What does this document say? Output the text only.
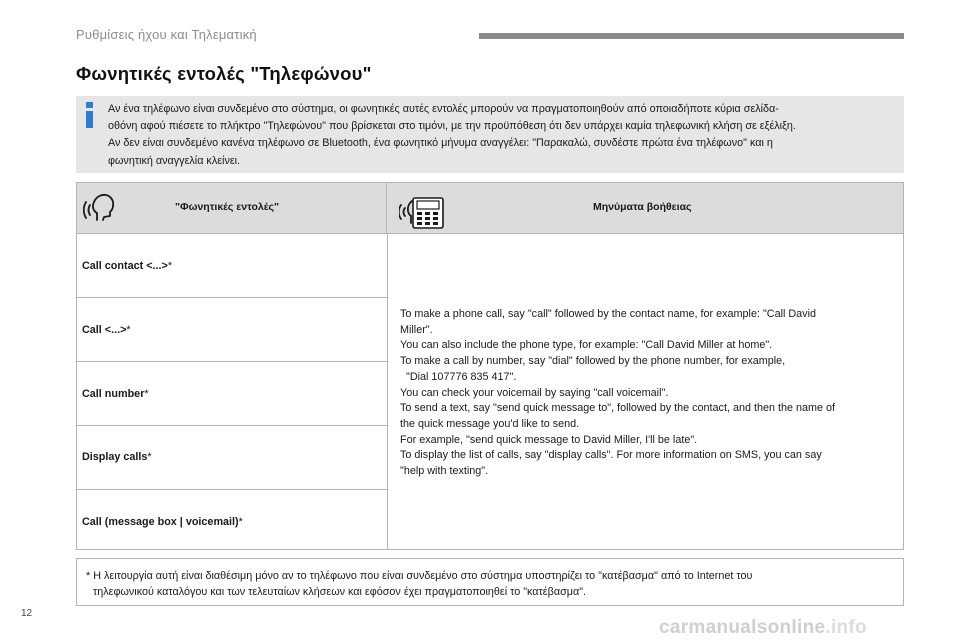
Ρυθμίσεις ήχου και Τηλεματική
Φωνητικές εντολές "Τηλεφώνου"
Αν ένα τηλέφωνο είναι συνδεμένο στο σύστημα, οι φωνητικές αυτές εντολές μπορούν να πραγματοποιηθούν από οποιαδήποτε κύρια σελίδα-
οθόνη αφού πιέσετε το πλήκτρο "Τηλεφώνου" που βρίσκεται στο τιμόνι, με την προϋπόθεση ότι δεν υπάρχει καμία τηλεφωνική κλήση σε εξέλιξη.
Αν δεν είναι συνδεμένο κανένα τηλέφωνο σε Bluetooth, ένα φωνητικό μήνυμα αναγγέλει: "Παρακαλώ, συνδέστε πρώτα ένα τηλέφωνο" και η
φωνητική αναγγελία κλείνει.
"Φωνητικές εντολές"	Μηνύματα βοήθειας
Call contact <...>*
Call <...>*
Call number*
Display calls*
Call (message box | voicemail)*

To make a phone call, say "call" followed by the contact name, for example: "Call David

Miller".

You can also include the phone type, for example: "Call David Miller at home".

To make a call by number, say "dial" followed by the phone number, for example,

"Dial 107776 835 417".

You can check your voicemail by saying "call voicemail".

To send a text, say "send quick message to", followed by the contact, and then the name of

the quick message you'd like to send.

For example, "send quick message to David Miller, I'll be late".

To display the list of calls, say "display calls". For more information on SMS, you can say

"help with texting".

* Η λειτουργία αυτή είναι διαθέσιμη μόνο αν το τηλέφωνο που είναι συνδεμένο στο σύστημα υποστηρίζει το "κατέβασμα" από το Internet του
τηλεφωνικού καταλόγου και των τελευταίων κλήσεων και εφόσον έχει πραγματοποιηθεί το "κατέβασμα".
12
carmanualsonline.info
